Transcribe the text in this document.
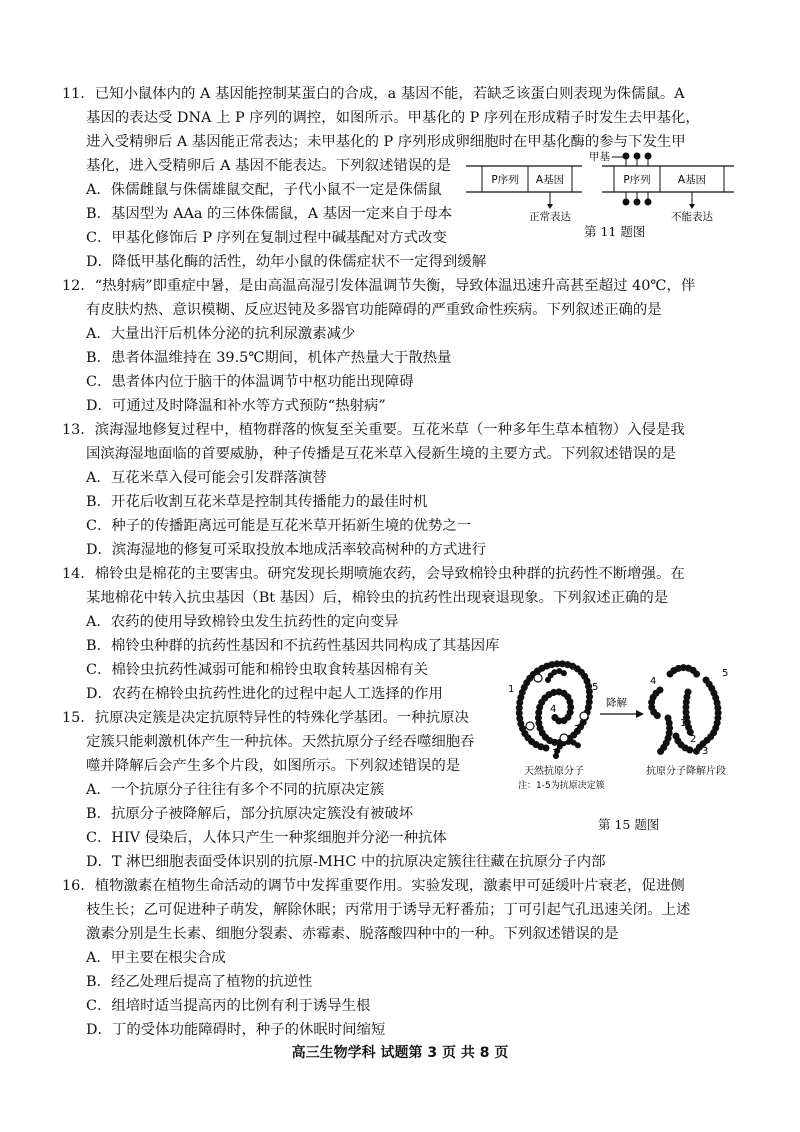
11．已知小鼠体内的 A 基因能控制某蛋白的合成，a 基因不能，若缺乏该蛋白则表现为侏儒鼠。A
基因的表达受 DNA 上 P 序列的调控，如图所示。甲基化的 P 序列在形成精子时发生去甲基化，
进入受精卵后 A 基因能正常表达；未甲基化的 P 序列形成卵细胞时在甲基化酶的参与下发生甲
基化，进入受精卵后 A 基因不能表达。下列叙述错误的是
A．侏儒雌鼠与侏儒雄鼠交配，子代小鼠不一定是侏儒鼠
B．基因型为 AAa 的三体侏儒鼠，A 基因一定来自于母本
C．甲基化修饰后 P 序列在复制过程中碱基配对方式改变
D．降低甲基化酶的活性，幼年小鼠的侏儒症状不一定得到缓解
P序列 A基因
正常表达
甲基
P序列	A基因
不能表达
第 11 题图
12．“热射病”即重症中暑，是由高温高湿引发体温调节失衡，导致体温迅速升高甚至超过 40℃，伴
有皮肤灼热、意识模糊、反应迟钝及多器官功能障碍的严重致命性疾病。下列叙述正确的是
A．大量出汗后机体分泌的抗利尿激素减少
B．患者体温维持在 39.5℃期间，机体产热量大于散热量
C．患者体内位于脑干的体温调节中枢功能出现障碍
D．可通过及时降温和补水等方式预防“热射病”
13．滨海湿地修复过程中，植物群落的恢复至关重要。互花米草（一种多年生草本植物）入侵是我
国滨海湿地面临的首要威胁，种子传播是互花米草入侵新生境的主要方式。下列叙述错误的是
A．互花米草入侵可能会引发群落演替
B．开花后收割互花米草是控制其传播能力的最佳时机
C．种子的传播距离远可能是互花米草开拓新生境的优势之一
D．滨海湿地的修复可采取投放本地成活率较高树种的方式进行
14．棉铃虫是棉花的主要害虫。研究发现长期喷施农药，会导致棉铃虫种群的抗药性不断增强。在
某地棉花中转入抗虫基因（Bt 基因）后，棉铃虫的抗药性出现衰退现象。下列叙述正确的是
A．农药的使用导致棉铃虫发生抗药性的定向变异
B．棉铃虫种群的抗药性基因和不抗药性基因共同构成了其基因库
C．棉铃虫抗药性减弱可能和棉铃虫取食转基因棉有关
D．农药在棉铃虫抗药性进化的过程中起人工选择的作用
15．抗原决定簇是决定抗原特异性的特殊化学基团。一种抗原决
定簇只能刺激机体产生一种抗体。天然抗原分子经吞噬细胞吞
噬并降解后会产生多个片段，如图所示。下列叙述错误的是
A．一个抗原分子往往有多个不同的抗原决定簇
B．抗原分子被降解后，部分抗原决定簇没有被破坏
C．HIV 侵染后，人体只产生一种浆细胞并分泌一种抗体
D．T 淋巴细胞表面受体识别的抗原-MHC 中的抗原决定簇往往藏在抗原分子内部
1
4
5
2
3
降解
4
5
1
2
3
天然抗原分子
注：1-5为抗原决定簇
抗原分子降解片段
第 15 题图
16．植物激素在植物生命活动的调节中发挥重要作用。实验发现，激素甲可延缓叶片衰老，促进侧
枝生长；乙可促进种子萌发，解除休眠；丙常用于诱导无籽番茄；丁可引起气孔迅速关闭。上述
激素分别是生长素、细胞分裂素、赤霉素、脱落酸四种中的一种。下列叙述错误的是
A．甲主要在根尖合成
B．经乙处理后提高了植物的抗逆性
C．组培时适当提高丙的比例有利于诱导生根
D．丁的受体功能障碍时，种子的休眠时间缩短
高三生物学科 试题第 3 页 共 8 页
